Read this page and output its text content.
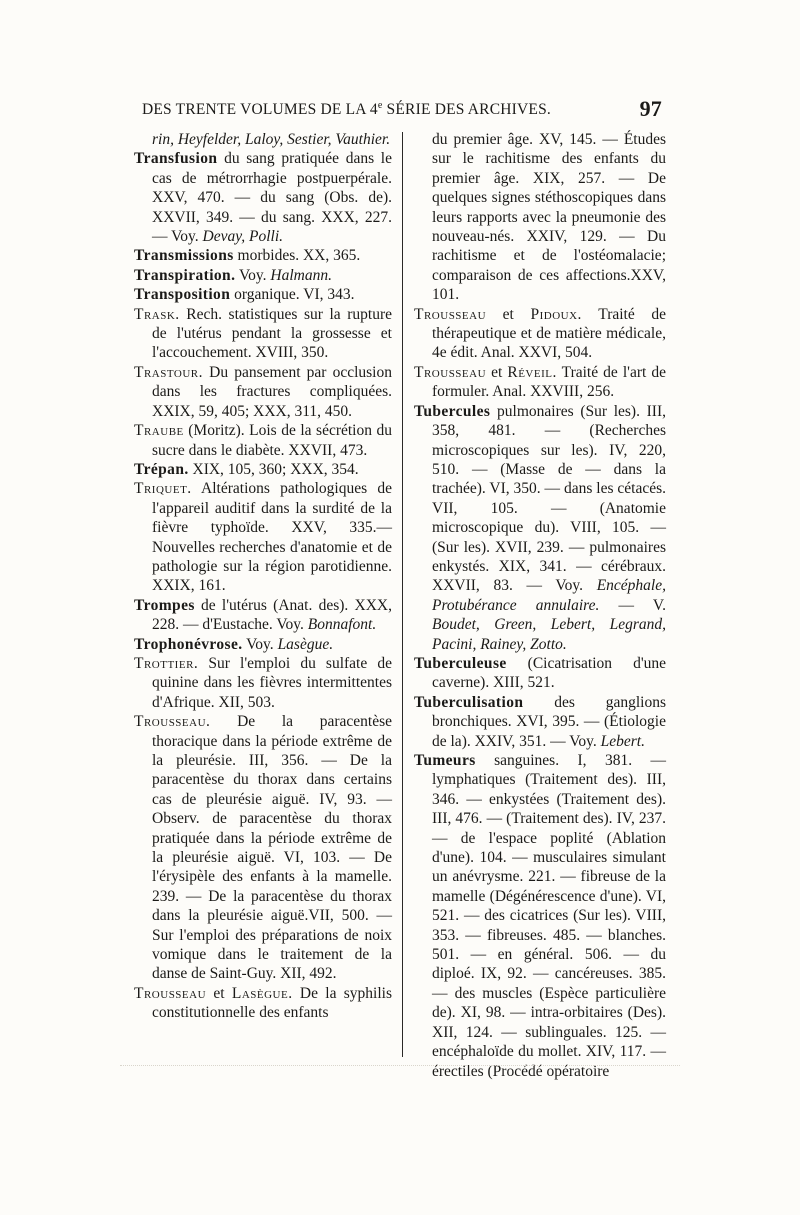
DES TRENTE VOLUMES DE LA 4e SÉRIE DES ARCHIVES.	97

rin, Heyfelder, Laloy, Sestier, Vauthier.

Transfusion du sang pratiquée dans le cas de métrorrhagie postpuerpérale. XXV, 470. — du sang (Obs. de). XXVII, 349. — du sang. XXX, 227. — Voy. Devay, Polli.

Transmissions morbides. XX, 365.

Transpiration. Voy. Halmann.

Transposition organique. VI, 343.

Trask. Rech. statistiques sur la rupture de l'utérus pendant la grossesse et l'accouchement. XVIII, 350.

Trastour. Du pansement par occlusion dans les fractures compliquées. XXIX, 59, 405; XXX, 311, 450.

Traube (Moritz). Lois de la sécrétion du sucre dans le diabète. XXVII, 473.

Trépan. XIX, 105, 360; XXX, 354.

Triquet. Altérations pathologiques de l'appareil auditif dans la surdité de la fièvre typhoïde. XXV, 335.— Nouvelles recherches d'anatomie et de pathologie sur la région parotidienne. XXIX, 161.

Trompes de l'utérus (Anat. des). XXX, 228. — d'Eustache. Voy. Bonnafont.

Trophonévrose. Voy. Lasègue.

Trottier. Sur l'emploi du sulfate de quinine dans les fièvres intermittentes d'Afrique. XII, 503.

Trousseau. De la paracentèse thoracique dans la période extrême de la pleurésie. III, 356. — De la paracentèse du thorax dans certains cas de pleurésie aiguë. IV, 93. — Observ. de paracentèse du thorax pratiquée dans la période extrême de la pleurésie aiguë. VI, 103. — De l'érysipèle des enfants à la mamelle. 239. — De la paracentèse du thorax dans la pleurésie aiguë.VII, 500. — Sur l'emploi des préparations de noix vomique dans le traitement de la danse de Saint-Guy. XII, 492.

Trousseau et Lasègue. De la syphilis constitutionnelle des enfants

du premier âge. XV, 145. — Études sur le rachitisme des enfants du premier âge. XIX, 257. — De quelques signes stéthoscopiques dans leurs rapports avec la pneumonie des nouveau-nés. XXIV, 129. — Du rachitisme et de l'ostéomalacie; comparaison de ces affections.XXV, 101.

Trousseau et Pidoux. Traité de thérapeutique et de matière médicale, 4e édit. Anal. XXVI, 504.

Trousseau et Réveil. Traité de l'art de formuler. Anal. XXVIII, 256.

Tubercules pulmonaires (Sur les). III, 358, 481. — (Recherches microscopiques sur les). IV, 220, 510. — (Masse de — dans la trachée). VI, 350. — dans les cétacés. VII, 105. — (Anatomie microscopique du). VIII, 105. — (Sur les). XVII, 239. — pulmonaires enkystés. XIX, 341. — cérébraux. XXVII, 83. — Voy. Encéphale, Protubérance annulaire. — V. Boudet, Green, Lebert, Legrand, Pacini, Rainey, Zotto.

Tuberculeuse (Cicatrisation d'une caverne). XIII, 521.

Tuberculisation des ganglions bronchiques. XVI, 395. — (Étiologie de la). XXIV, 351. — Voy. Lebert.

Tumeurs sanguines. I, 381. — lymphatiques (Traitement des). III, 346. — enkystées (Traitement des). III, 476. — (Traitement des). IV, 237. — de l'espace poplité (Ablation d'une). 104. — musculaires simulant un anévrysme. 221. — fibreuse de la mamelle (Dégénérescence d'une). VI, 521. — des cicatrices (Sur les). VIII, 353. — fibreuses. 485. — blanches. 501. — en général. 506. — du diploé. IX, 92. — cancéreuses. 385. — des muscles (Espèce particulière de). XI, 98. — intra-orbitaires (Des). XII, 124. — sublinguales. 125. — encéphaloïde du mollet. XIV, 117. — érectiles (Procédé opératoire
